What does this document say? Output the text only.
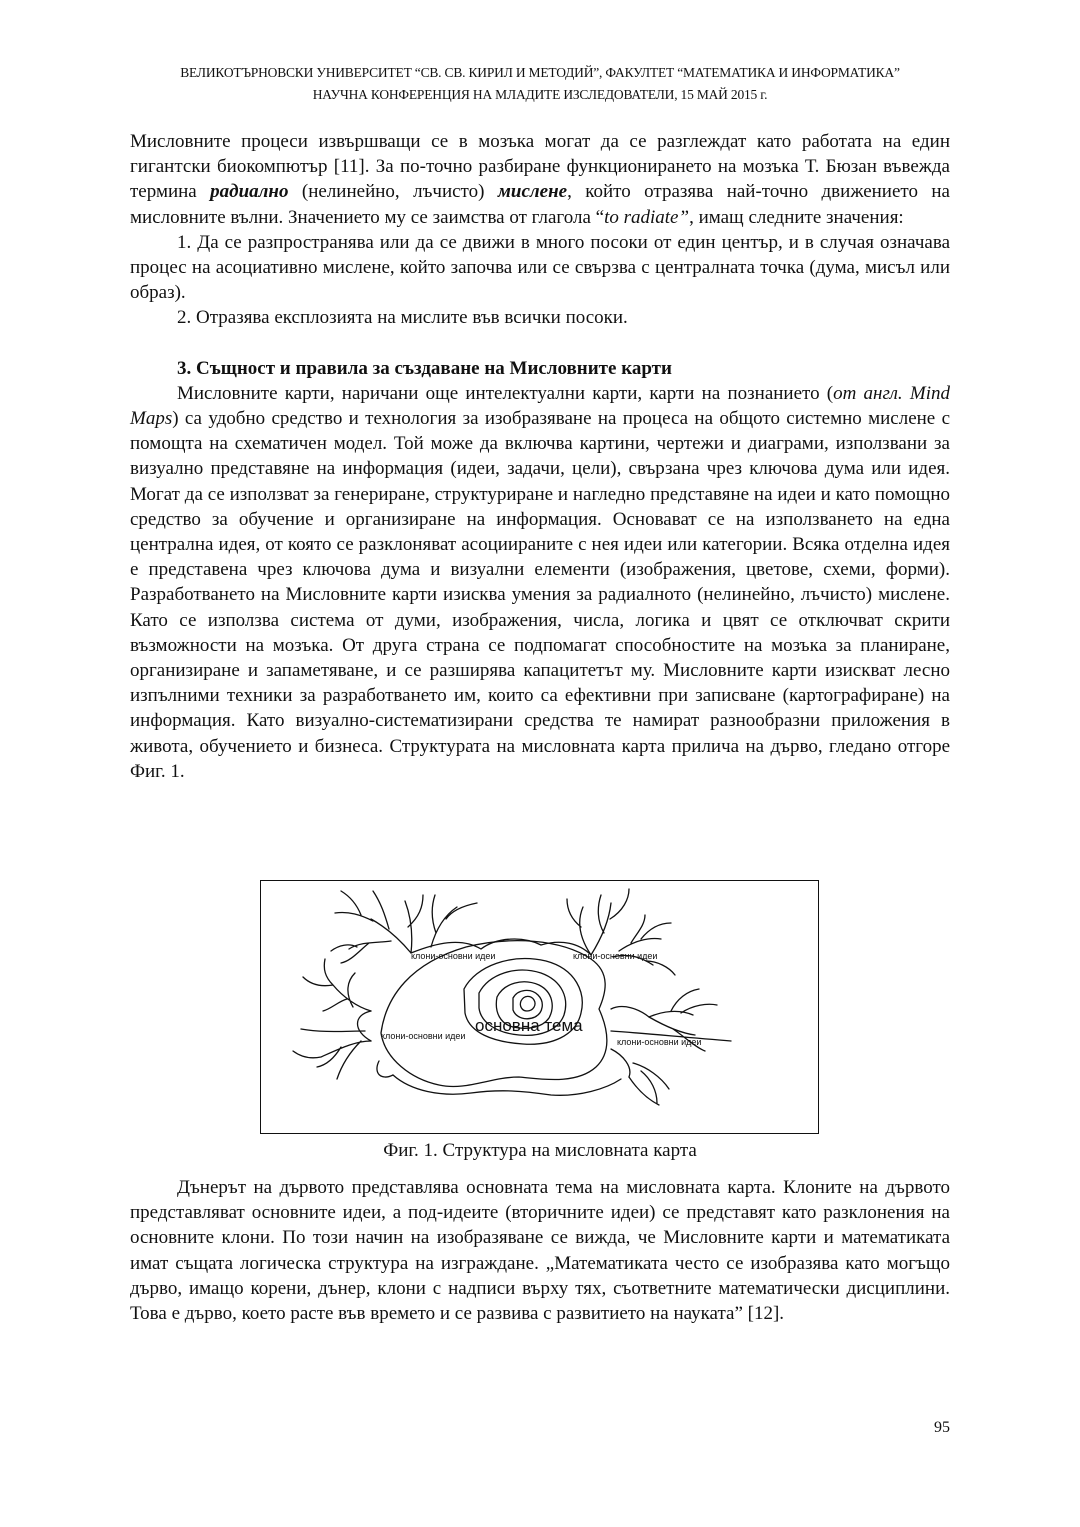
ВЕЛИКОТЪРНОВСКИ УНИВЕРСИТЕТ “СВ. СВ. КИРИЛ И МЕТОДИЙ”, ФАКУЛТЕТ “МАТЕМАТИКА И ИНФОРМАТИКА”
НАУЧНА КОНФЕРЕНЦИЯ НА МЛАДИТЕ ИЗСЛЕДОВАТЕЛИ, 15 МАЙ 2015 г.

Мисловните процеси извършващи се в мозъка могат да се разглеждат като работата на един гигантски биокомпютър [11]. За по-точно разбиране функционирането на мозъка Т. Бюзан въвежда термина радиално (нелинейно, лъчисто) мислене, който отразява най-точно движението на мисловните вълни. Значението му се заимства от глагола “to radiate”, имащ следните значения:

1. Да се разпространява или да се движи в много посоки от един център, и в случая означава процес на асоциативно мислене, който започва или се свързва с централната точка (дума, мисъл или образ).

2. Отразява експлозията на мислите във всички посоки.

3. Същност и правила за създаване на Мисловните карти

Мисловните карти, наричани още интелектуални карти, карти на познанието (от англ. Mind Maps) са удобно средство и технология за изобразяване на процеса на общото системно мислене с помощта на схематичен модел. Той може да включва картини, чертежи и диаграми, използвани за визуално представяне на информация (идеи, задачи, цели), свързана чрез ключова дума или идея. Могат да се използват за генериране, структуриране и нагледно представяне на идеи и като помощно средство за обучение и организиране на информация. Основават се на използването на една централна идея, от която се разклоняват асоциираните с нея идеи или категории. Всяка отделна идея е представена чрез ключова дума и визуални елементи (изображения, цветове, схеми, форми). Разработването на Мисловните карти изисква умения за радиалното (нелинейно, лъчисто) мислене. Като се използва система от думи, изображения, числа, логика и цвят се отключват скрити възможности на мозъка. От друга страна се подпомагат способностите на мозъка за планиране, организиране и запаметяване, и се разширява капацитетът му. Мисловните карти изискват лесно изпълними техники за разработването им, които са ефективни при записване (картографиране) на информация. Като визуално-систематизирани средства те намират разнообразни приложения в живота, обучението и бизнеса. Структурата на мисловната карта прилича на дърво, гледано отгоре Фиг. 1.

клони-основни идеи	клони-основни идеи
клони-основни идеи
клони-основни идеи
основна тема
Фиг. 1. Структура на мисловната карта

Дънерът на дървото представлява основната тема на мисловната карта. Клоните на дървото представляват основните идеи, а под-идеите (вторичните идеи) се представят като разклонения на основните клони. По този начин на изобразяване се вижда, че Мисловните карти и математиката имат същата логическа структура на изграждане. „Математиката често се изобразява като могъщо дърво, имащо корени, дънер, клони с надписи върху тях, съответните математически дисциплини. Това е дърво, което расте във времето и се развива с развитието на науката” [12].

95
